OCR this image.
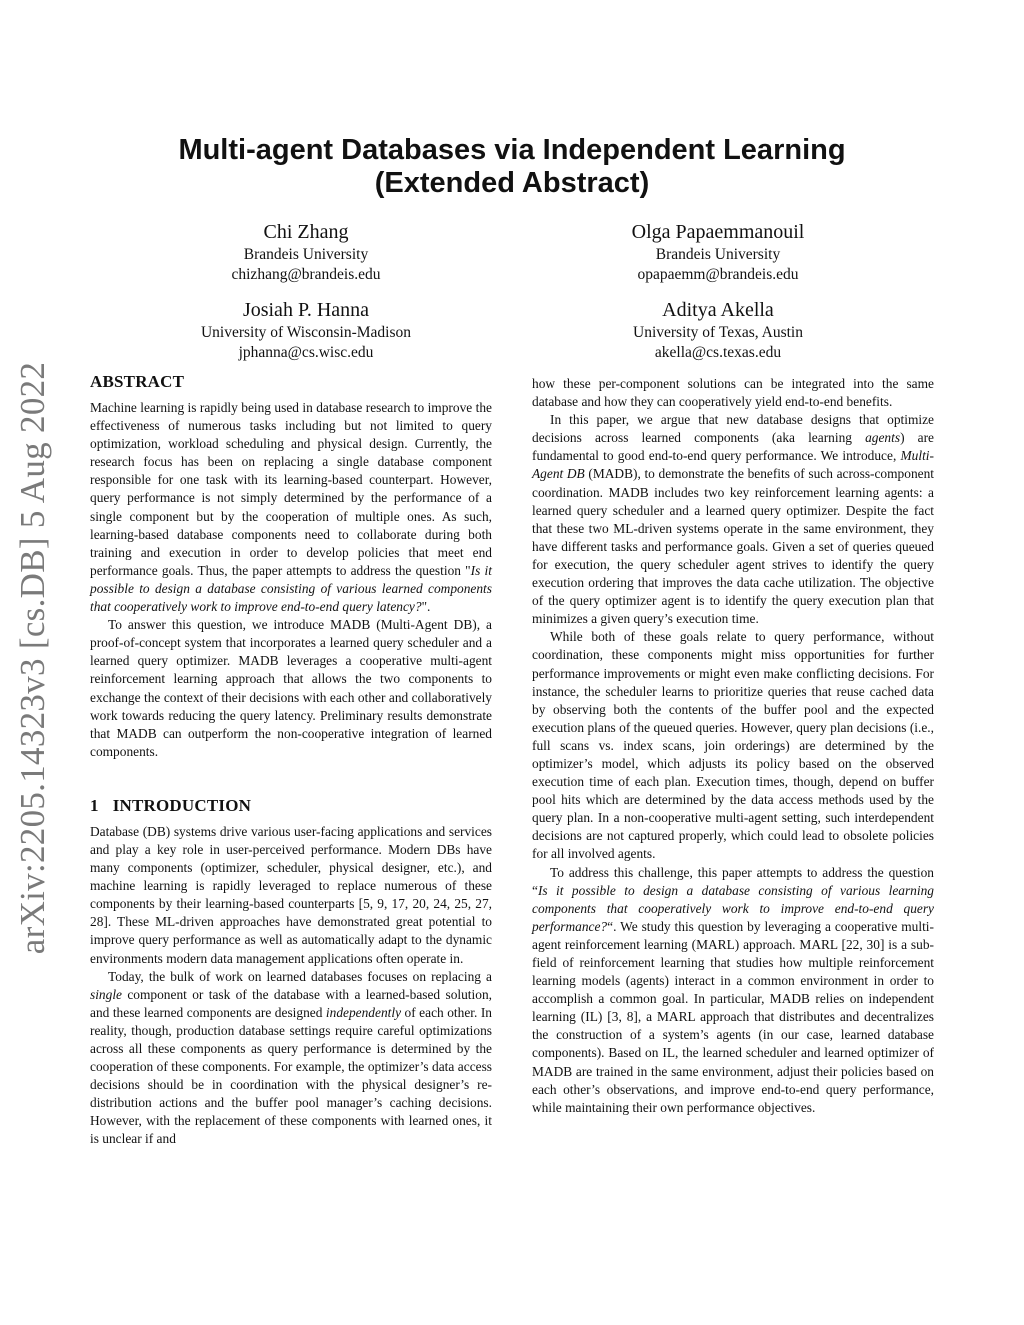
arXiv:2205.14323v3 [cs.DB] 5 Aug 2022
Multi-agent Databases via Independent Learning
(Extended Abstract)
Chi Zhang
Brandeis University
chizhang@brandeis.edu
Olga Papaemmanouil
Brandeis University
opapaemm@brandeis.edu
Josiah P. Hanna
University of Wisconsin-Madison
jphanna@cs.wisc.edu
Aditya Akella
University of Texas, Austin
akella@cs.texas.edu
ABSTRACT

Machine learning is rapidly being used in database research to improve the effectiveness of numerous tasks including but not limited to query optimization, workload scheduling and physical design. Currently, the research focus has been on replacing a single database component responsible for one task with its learning-based counterpart. However, query performance is not simply determined by the performance of a single component but by the cooperation of multiple ones. As such, learning-based database components need to collaborate during both training and execution in order to develop policies that meet end performance goals. Thus, the paper attempts to address the question "Is it possible to design a database consisting of various learned components that cooperatively work to improve end-to-end query latency?".

To answer this question, we introduce MADB (Multi-Agent DB), a proof-of-concept system that incorporates a learned query scheduler and a learned query optimizer. MADB leverages a cooperative multi-agent reinforcement learning approach that allows the two components to exchange the context of their decisions with each other and collaboratively work towards reducing the query latency. Preliminary results demonstrate that MADB can outperform the non-cooperative integration of learned components.

1 INTRODUCTION

Database (DB) systems drive various user-facing applications and services and play a key role in user-perceived performance. Modern DBs have many components (optimizer, scheduler, physical designer, etc.), and machine learning is rapidly leveraged to replace numerous of these components by their learning-based counterparts [5, 9, 17, 20, 24, 25, 27, 28]. These ML-driven approaches have demonstrated great potential to improve query performance as well as automatically adapt to the dynamic environments modern data management applications often operate in.

Today, the bulk of work on learned databases focuses on replacing a single component or task of the database with a learned-based solution, and these learned components are designed independently of each other. In reality, though, production database settings require careful optimizations across all these components as query performance is determined by the cooperation of these components. For example, the optimizer’s data access decisions should be in coordination with the physical designer’s re-distribution actions and the buffer pool manager’s caching decisions. However, with the replacement of these components with learned ones, it is unclear if and

how these per-component solutions can be integrated into the same database and how they can cooperatively yield end-to-end benefits.

In this paper, we argue that new database designs that optimize decisions across learned components (aka learning agents) are fundamental to good end-to-end query performance. We introduce, Multi-Agent DB (MADB), to demonstrate the benefits of such across-component coordination. MADB includes two key reinforcement learning agents: a learned query scheduler and a learned query optimizer. Despite the fact that these two ML-driven systems operate in the same environment, they have different tasks and performance goals. Given a set of queries queued for execution, the query scheduler agent strives to identify the query execution ordering that improves the data cache utilization. The objective of the query optimizer agent is to identify the query execution plan that minimizes a given query’s execution time.

While both of these goals relate to query performance, without coordination, these components might miss opportunities for further performance improvements or might even make conflicting decisions. For instance, the scheduler learns to prioritize queries that reuse cached data by observing both the contents of the buffer pool and the expected execution plans of the queued queries. However, query plan decisions (i.e., full scans vs. index scans, join orderings) are determined by the optimizer’s model, which adjusts its policy based on the observed execution time of each plan. Execution times, though, depend on buffer pool hits which are determined by the data access methods used by the query plan. In a non-cooperative multi-agent setting, such interdependent decisions are not captured properly, which could lead to obsolete policies for all involved agents.

To address this challenge, this paper attempts to address the question “Is it possible to design a database consisting of various learning components that cooperatively work to improve end-to-end query performance?“. We study this question by leveraging a cooperative multi-agent reinforcement learning (MARL) approach. MARL [22, 30] is a sub-field of reinforcement learning that studies how multiple reinforcement learning models (agents) interact in a common environment in order to accomplish a common goal. In particular, MADB relies on independent learning (IL) [3, 8], a MARL approach that distributes and decentralizes the construction of a system’s agents (in our case, learned database components). Based on IL, the learned scheduler and learned optimizer of MADB are trained in the same environment, adjust their policies based on each other’s observations, and improve end-to-end query performance, while maintaining their own performance objectives.
